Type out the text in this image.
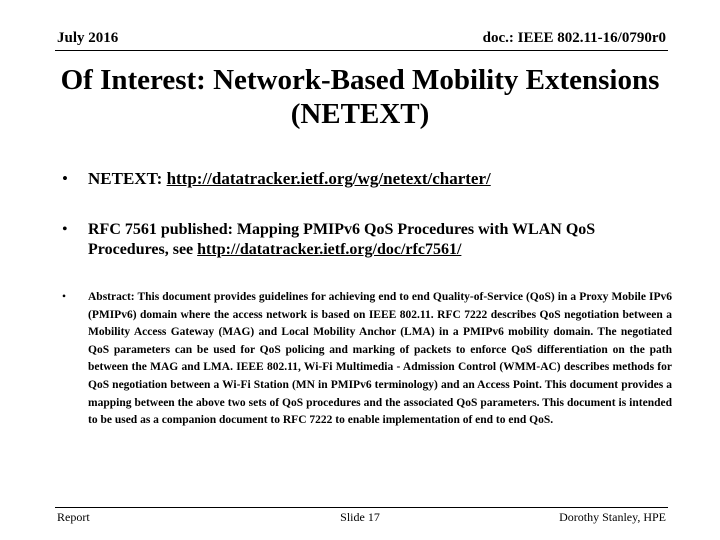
July 2016	doc.: IEEE 802.11-16/0790r0
Of Interest: Network-Based Mobility Extensions (NETEXT)
• NETEXT: http://datatracker.ietf.org/wg/netext/charter/
• RFC 7561 published: Mapping PMIPv6 QoS Procedures with WLAN QoS Procedures, see http://datatracker.ietf.org/doc/rfc7561/
• Abstract: This document provides guidelines for achieving end to end Quality-of-Service (QoS) in a Proxy Mobile IPv6 (PMIPv6) domain where the access network is based on IEEE 802.11. RFC 7222 describes QoS negotiation between a Mobility Access Gateway (MAG) and Local Mobility Anchor (LMA) in a PMIPv6 mobility domain. The negotiated QoS parameters can be used for QoS policing and marking of packets to enforce QoS differentiation on the path between the MAG and LMA. IEEE 802.11, Wi-Fi Multimedia - Admission Control (WMM-AC) describes methods for QoS negotiation between a Wi-Fi Station (MN in PMIPv6 terminology) and an Access Point. This document provides a mapping between the above two sets of QoS procedures and the associated QoS parameters. This document is intended to be used as a companion document to RFC 7222 to enable implementation of end to end QoS.
Report	Slide 17	Dorothy Stanley, HPE
